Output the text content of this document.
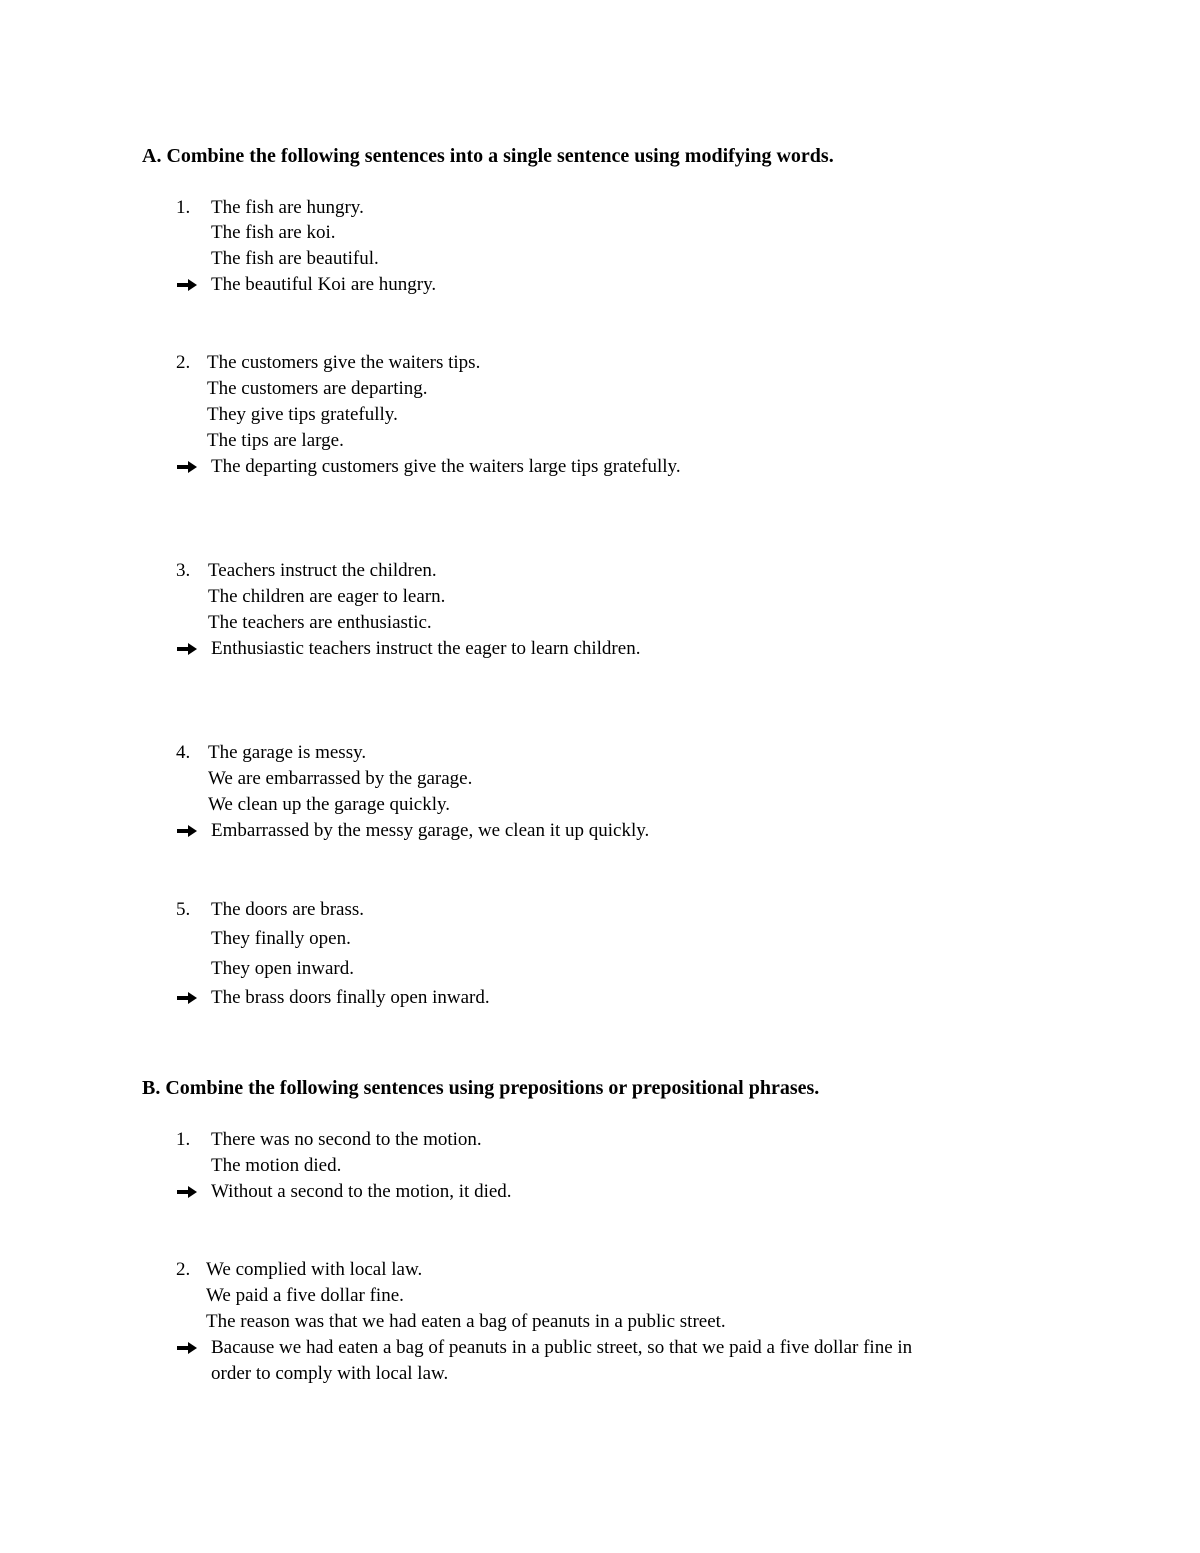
A. Combine the following sentences into a single sentence using modifying words.
1. The fish are hungry.
The fish are koi.
The fish are beautiful.
The beautiful Koi are hungry.
2. The customers give the waiters tips.
The customers are departing.
They give tips gratefully.
The tips are large.
The departing customers give the waiters large tips gratefully.
3. Teachers instruct the children.
The children are eager to learn.
The teachers are enthusiastic.
Enthusiastic teachers instruct the eager to learn children.
4. The garage is messy.
We are embarrassed by the garage.
We clean up the garage quickly.
Embarrassed by the messy garage, we clean it up quickly.
5. The doors are brass.
They finally open.
They open inward.
The brass doors finally open inward.
B. Combine the following sentences using prepositions or prepositional phrases.
1. There was no second to the motion.
The motion died.
Without a second to the motion, it died.
2. We complied with local law.
We paid a five dollar fine.
The reason was that we had eaten a bag of peanuts in a public street.
Bacause we had eaten a bag of peanuts in a public street, so that we paid a five dollar fine in
order to comply with local law.
